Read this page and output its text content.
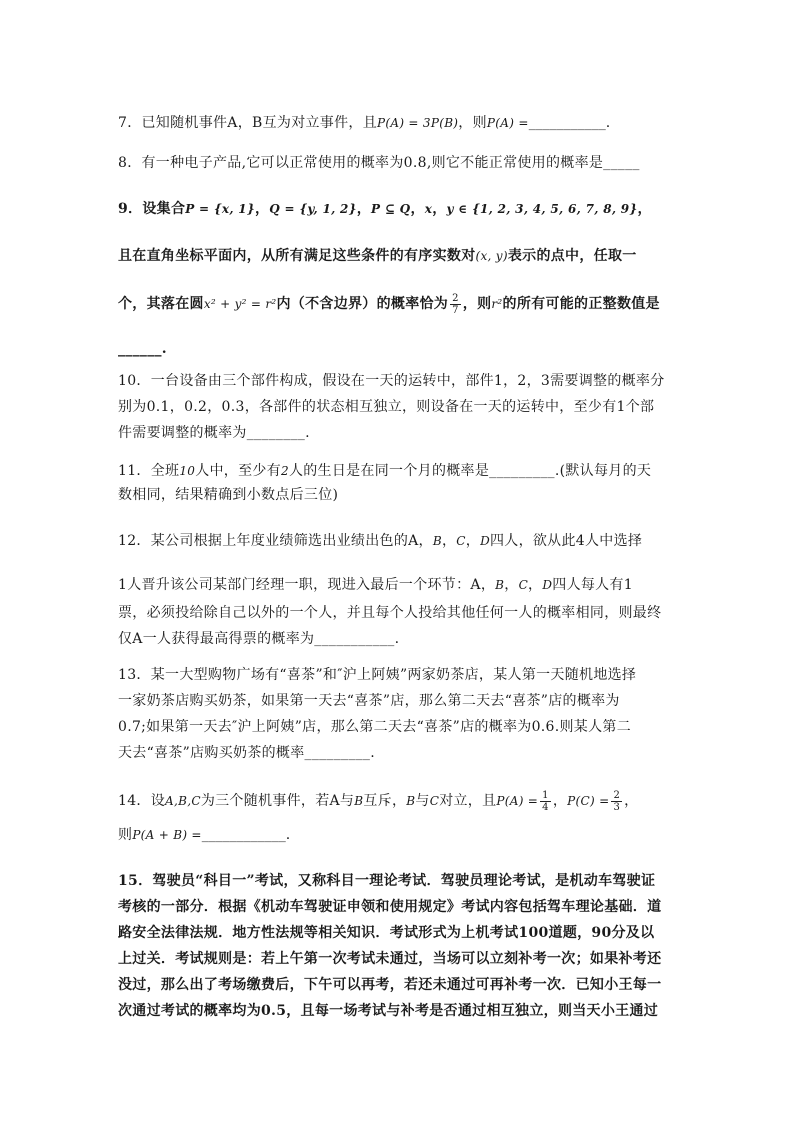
7．已知随机事件A，B互为对立事件，且P(A) = 3P(B)，则P(A) =___________.
8．有一种电子产品,它可以正常使用的概率为0.8,则它不能正常使用的概率是_____
9．设集合P = {x, 1}，Q = {y, 1, 2}，P ⊆ Q，x，y ∈ {1, 2, 3, 4, 5, 6, 7, 8, 9}，
且在直角坐标平面内，从所有满足这些条件的有序实数对(x, y)表示的点中，任取一
个，其落在圆x² + y² = r²内（不含边界）的概率恰为 $\frac{2}{7}$ ，则r²的所有可能的正整数值是
______.
10．一台设备由三个部件构成，假设在一天的运转中，部件1，2，3需要调整的概率分
别为0.1，0.2，0.3，各部件的状态相互独立，则设备在一天的运转中，至少有1个部
件需要调整的概率为________.
11．全班10人中，至少有2人的生日是在同一个月的概率是_________.(默认每月的天
数相同，结果精确到小数点后三位)
12．某公司根据上年度业绩筛选出业绩出色的A，B，C，D四人，欲从此4人中选择
1人晋升该公司某部门经理一职，现进入最后一个环节：A，B，C，D四人每人有1
票，必须投给除自己以外的一个人，并且每个人投给其他任何一人的概率相同，则最终
仅A一人获得最高得票的概率为___________.
13．某一大型购物广场有“喜茶”和″沪上阿姨”两家奶茶店，某人第一天随机地选择
一家奶茶店购买奶茶，如果第一天去“喜茶”店，那么第二天去“喜茶”店的概率为
0.7;如果第一天去″沪上阿姨”店，那么第二天去“喜茶”店的概率为0.6.则某人第二
天去“喜茶”店购买奶茶的概率_________.
14．设A,B,C为三个随机事件，若A与B互斥，B与C对立，且$P(A) = \frac{1}{4}$ ，$P(C) = \frac{2}{3}$ ，
则P(A + B) =____________.
15．驾驶员“科目一”考试，又称科目一理论考试．驾驶员理论考试，是机动车驾驶证
考核的一部分．根据《机动车驾驶证申领和使用规定》考试内容包括驾车理论基础．道
路安全法律法规．地方性法规等相关知识．考试形式为上机考试100道题，90分及以
上过关．考试规则是：若上午第一次考试未通过，当场可以立刻补考一次；如果补考还
没过，那么出了考场缴费后，下午可以再考，若还未通过可再补考一次．已知小王每一
次通过考试的概率均为0.5，且每一场考试与补考是否通过相互独立，则当天小王通过
